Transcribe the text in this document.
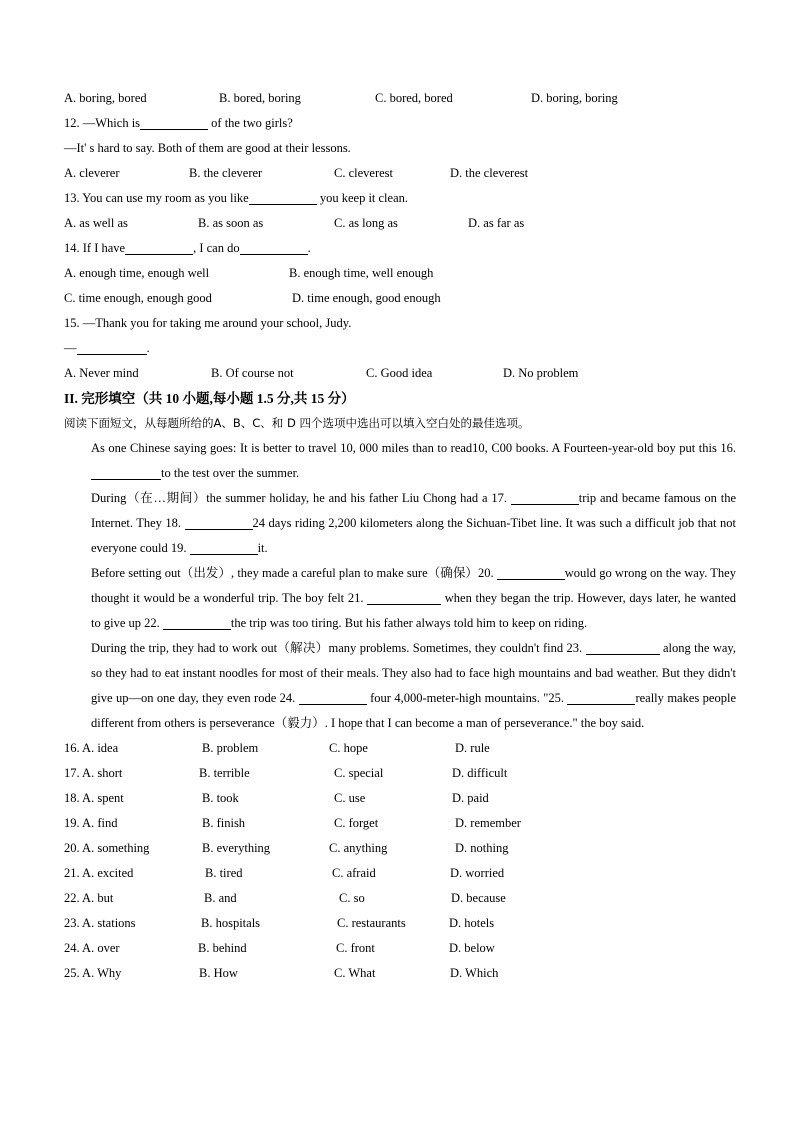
A. boring, bored	B. bored, boring	C. bored, bored	D. boring, boring
12. —Which is	of the two girls?
—It' s hard to say. Both of them are good at their lessons.
A. cleverer	B. the cleverer	C. cleverest	D. the cleverest
13. You can use my room as you like	you keep it clean.
A. as well as	B. as soon as	C. as long as	D. as far as
14. If I have	, I can do	.
A. enough time, enough well	B. enough time, well enough
C. time enough, enough good	D. time enough, good enough
15. —Thank you for taking me around your school, Judy.
—	.
A. Never mind	B. Of course not	C. Good idea	D. No problem
II. 完形填空（共 10 小题,每小题 1.5 分,共 15 分）
阅读下面短文，从每题所给的A、B、C、和 D 四个选项中选出可以填入空白处的最佳选项。

As one Chinese saying goes: It is better to travel 10, 000 miles than to read10, C00 books. A Fourteen-year-old boy put this 16. to the test over the summer.

During（在…期间）the summer holiday, he and his father Liu Chong had a 17.	trip and became famous on the Internet. They 18.	24 days riding 2,200 kilometers along the Sichuan-Tibet line. It was such a difficult job that not everyone could 19.	it.

Before setting out（出发）, they made a careful plan to make sure（确保）20.	would go wrong on the way. They thought it would be a wonderful trip. The boy felt 21.	when they began the trip. However, days later, he wanted to give up 22.	the trip was too tiring. But his father always told him to keep on riding.

During the trip, they had to work out（解决）many problems. Sometimes, they couldn't find 23.	along the way, so they had to eat instant noodles for most of their meals. They also had to face high mountains and bad weather. But they didn't give up—on one day, they even rode 24.	four 4,000-meter-high mountains. "25.	really makes people different from others is perseverance（毅力）. I hope that I can become a man of perseverance." the boy said.

16. A. idea	B. problem	C. hope	D. rule
17. A. short	B. terrible	C. special	D. difficult
18. A. spent	B. took	C. use	D. paid
19. A. find	B. finish	C. forget	D. remember
20. A. something	B. everything	C. anything	D. nothing
21. A. excited	B. tired	C. afraid	D. worried
22. A. but	B. and	C. so	D. because
23. A. stations	B. hospitals	C. restaurants	D. hotels
24. A. over	B. behind	C. front	D. below
25. A. Why	B. How	C. What	D. Which
